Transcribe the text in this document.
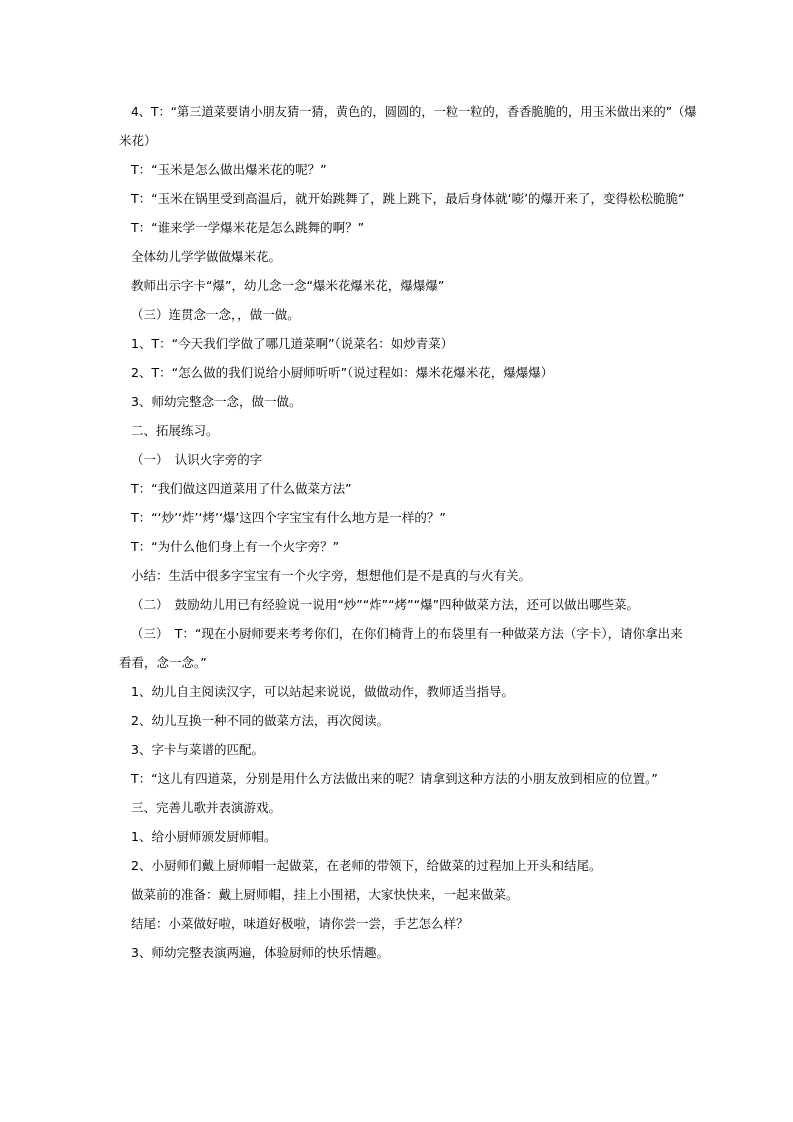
4、T：“第三道菜要请小朋友猜一猜，黄色的，圆圆的，一粒一粒的，香香脆脆的，用玉米做出来的”（爆

米花）

T：“玉米是怎么做出爆米花的呢？”

T：“玉米在锅里受到高温后，就开始跳舞了，跳上跳下，最后身体就‘嘭’的爆开来了，变得松松脆脆”

T：“谁来学一学爆米花是怎么跳舞的啊？”

全体幼儿学学做做爆米花。

教师出示字卡“爆”，幼儿念一念“爆米花爆米花，爆爆爆”

（三）连贯念一念，，做一做。

1、T：“今天我们学做了哪几道菜啊”（说菜名：如炒青菜）

2、T：“怎么做的我们说给小厨师听听”（说过程如：爆米花爆米花，爆爆爆）

3、师幼完整念一念，做一做。

二、拓展练习。

（一）　认识火字旁的字

T：“我们做这四道菜用了什么做菜方法”

T：“‘炒’‘炸’‘烤’‘爆’这四个字宝宝有什么地方是一样的？”

T：“为什么他们身上有一个火字旁？”

小结：生活中很多字宝宝有一个火字旁，想想他们是不是真的与火有关。

（二）　鼓励幼儿用已有经验说一说用“炒”“炸”“烤”“爆”四种做菜方法，还可以做出哪些菜。

（三）　T：“现在小厨师要来考考你们，在你们椅背上的布袋里有一种做菜方法（字卡），请你拿出来

看看，念一念。”

1、幼儿自主阅读汉字，可以站起来说说，做做动作，教师适当指导。

2、幼儿互换一种不同的做菜方法，再次阅读。

3、字卡与菜谱的匹配。

T：“这儿有四道菜，分别是用什么方法做出来的呢？请拿到这种方法的小朋友放到相应的位置。”

三、完善儿歌并表演游戏。

1、给小厨师颁发厨师帽。

2、小厨师们戴上厨师帽一起做菜，在老师的带领下，给做菜的过程加上开头和结尾。

做菜前的准备：戴上厨师帽，挂上小围裙，大家快快来，一起来做菜。

结尾：小菜做好啦，味道好极啦，请你尝一尝，手艺怎么样？

3、师幼完整表演两遍，体验厨师的快乐情趣。
